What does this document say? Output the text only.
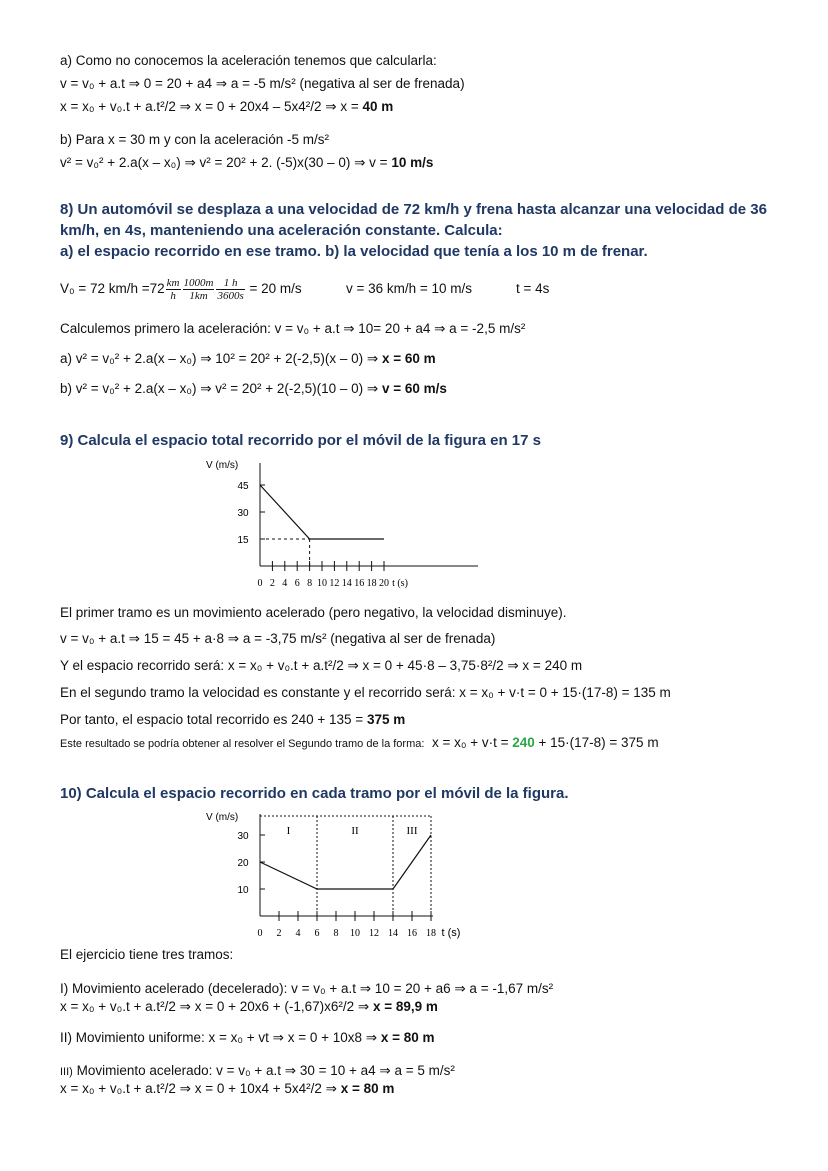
a) Como no conocemos la aceleración tenemos que calcularla:
v = v₀ + a.t ⇒ 0 = 20 + a4 ⇒ a = -5 m/s² (negativa al ser de frenada)
x = x₀ + v₀.t + a.t²/2 ⇒ x = 0 + 20x4 – 5x4²/2 ⇒ x = 40 m
b) Para x = 30 m y con la aceleración -5 m/s²
v² = v₀² + 2.a(x – x₀) ⇒ v² = 20² + 2. (-5)x(30 – 0) ⇒ v = 10 m/s
8) Un automóvil se desplaza a una velocidad de 72 km/h y frena hasta alcanzar una velocidad de 36
km/h, en 4s, manteniendo una aceleración constante. Calcula:
a) el espacio recorrido en ese tramo. b) la velocidad que tenía a los 10 m de frenar.
V₀ = 72 $km/h =72 \frac{km}{h} \frac{1000m}{1km} \frac{1 h}{3600s} = 20$ m/s	v = 36 km/h = 10 m/s	t = 4s
Calculemos primero la aceleración: v = v₀ + a.t ⇒ 10= 20 + a4 ⇒ a = -2,5 m/s²
a) v² = v₀² + 2.a(x – x₀) ⇒ 10² = 20² + 2(-2,5)(x – 0) ⇒ x = 60 m
b) v² = v₀² + 2.a(x – x₀) ⇒ v² = 20² + 2(-2,5)(10 – 0) ⇒ v = 60 m/s
9) Calcula el espacio total recorrido por el móvil de la figura en 17 s
V (m/s)
45
30
15
0 2 4 6 8 10 12 14 16 18 20 t (s)
El primer tramo es un movimiento acelerado (pero negativo, la velocidad disminuye).
v = v₀ + a.t ⇒ 15 = 45 + a·8 ⇒ a = -3,75 m/s² (negativa al ser de frenada)
Y el espacio recorrido será: x = x₀ + v₀.t + a.t²/2 ⇒ x = 0 + 45·8 – 3,75·8²/2 ⇒ x = 240 m
En el segundo tramo la velocidad es constante y el recorrido será: x = x₀ + v·t = 0 + 15·(17-8) = 135 m
Por tanto, el espacio total recorrido es 240 + 135 = 375 m
Este resultado se podría obtener al resolver el Segundo tramo de la forma: x = x₀ + v·t = 240 + 15·(17-8) = 375 m
10) Calcula el espacio recorrido en cada tramo por el móvil de la figura.
V (m/s)
30
20
10
0 2 4 6 8 10 12 14 16 18 t (s)
I	II	III
El ejercicio tiene tres tramos:
I) Movimiento acelerado (decelerado): v = v₀ + a.t ⇒ 10 = 20 + a6 ⇒ a = -1,67 m/s²
x = x₀ + v₀.t + a.t²/2 ⇒ x = 0 + 20x6 + (-1,67)x6²/2 ⇒ x = 89,9 m
II) Movimiento uniforme: x = x₀ + vt ⇒ x = 0 + 10x8 ⇒ x = 80 m
III) Movimiento acelerado: v = v₀ + a.t ⇒ 30 = 10 + a4 ⇒ a = 5 m/s²
x = x₀ + v₀.t + a.t²/2 ⇒ x = 0 + 10x4 + 5x4²/2 ⇒ x = 80 m
